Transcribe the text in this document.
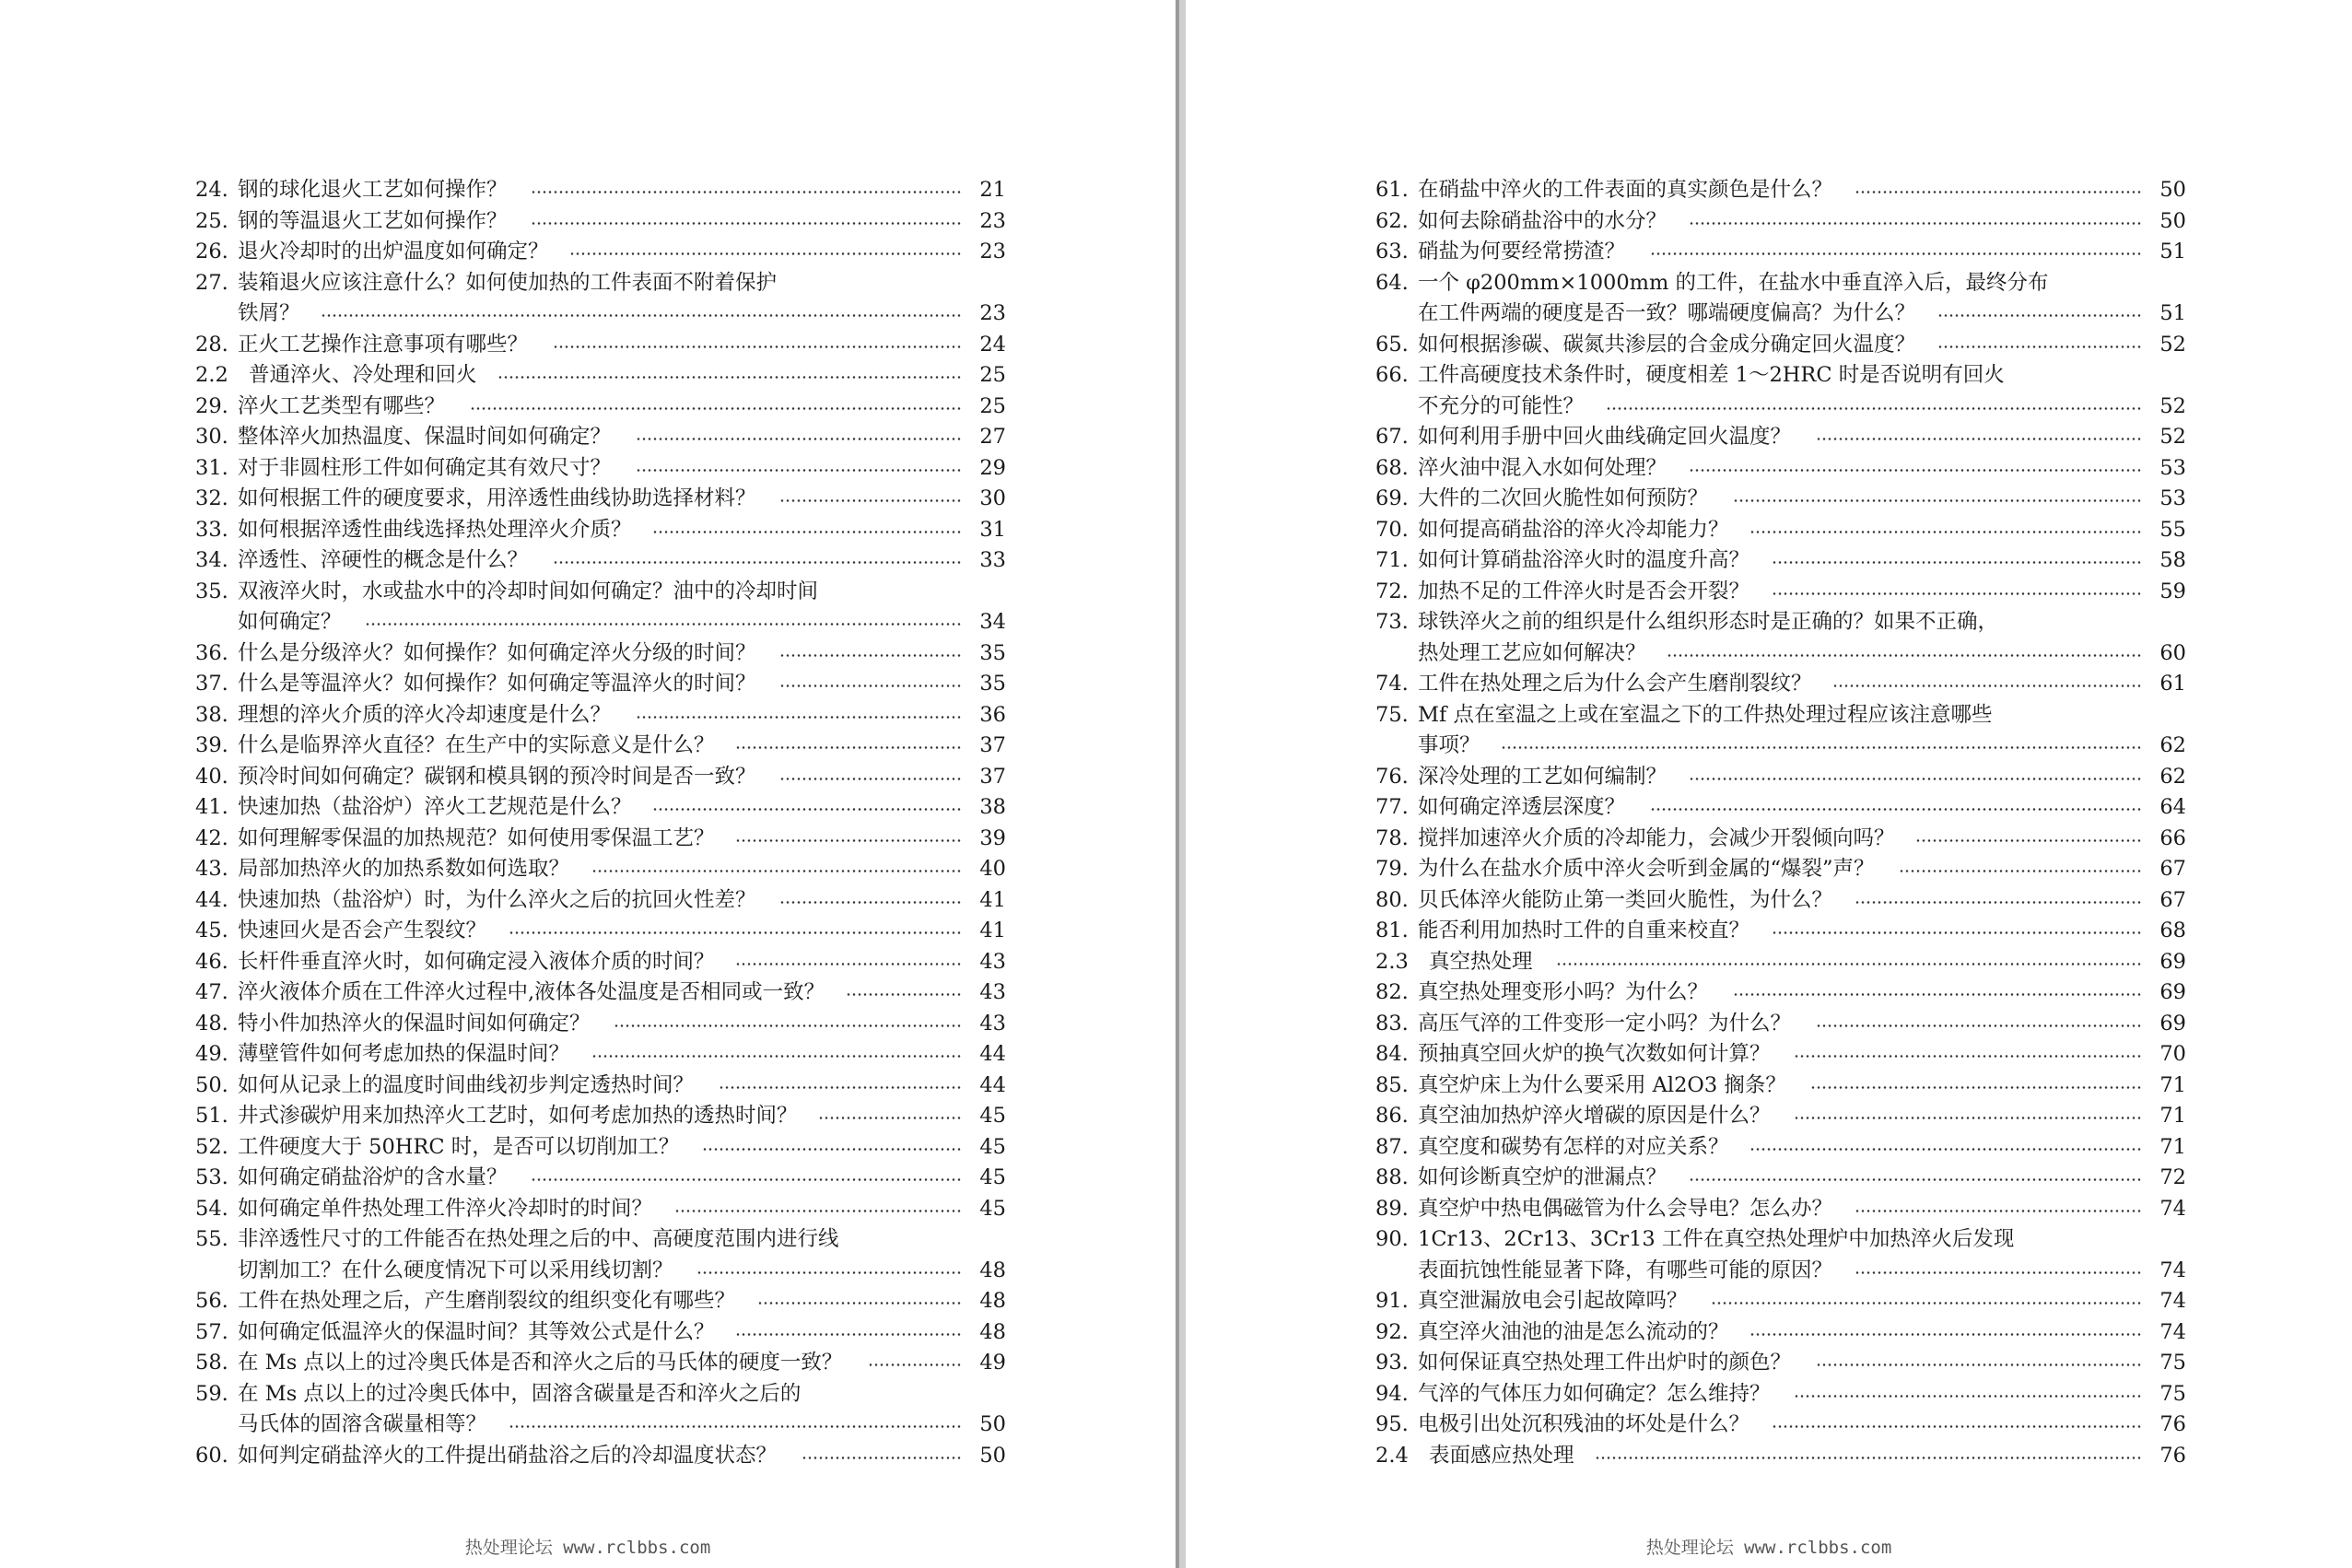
24. 钢的球化退火工艺如何操作？	21
25. 钢的等温退火工艺如何操作？	23
26. 退火冷却时的出炉温度如何确定？	23
27. 装箱退火应该注意什么？如何使加热的工件表面不附着保护
铁屑？	23
28. 正火工艺操作注意事项有哪些？	24
2.2 普通淬火、冷处理和回火	25
29. 淬火工艺类型有哪些？	25
30. 整体淬火加热温度、保温时间如何确定？	27
31. 对于非圆柱形工件如何确定其有效尺寸？	29
32. 如何根据工件的硬度要求，用淬透性曲线协助选择材料？	30
33. 如何根据淬透性曲线选择热处理淬火介质？	31
34. 淬透性、淬硬性的概念是什么？	33
35. 双液淬火时，水或盐水中的冷却时间如何确定？油中的冷却时间
如何确定？	34
36. 什么是分级淬火？如何操作？如何确定淬火分级的时间？	35
37. 什么是等温淬火？如何操作？如何确定等温淬火的时间？	35
38. 理想的淬火介质的淬火冷却速度是什么？	36
39. 什么是临界淬火直径？在生产中的实际意义是什么？	37
40. 预冷时间如何确定？碳钢和模具钢的预冷时间是否一致？	37
41. 快速加热（盐浴炉）淬火工艺规范是什么？	38
42. 如何理解零保温的加热规范？如何使用零保温工艺？	39
43. 局部加热淬火的加热系数如何选取？	40
44. 快速加热（盐浴炉）时，为什么淬火之后的抗回火性差？	41
45. 快速回火是否会产生裂纹？	41
46. 长杆件垂直淬火时，如何确定浸入液体介质的时间？	43
47. 淬火液体介质在工件淬火过程中,液体各处温度是否相同或一致？	43
48. 特小件加热淬火的保温时间如何确定？	43
49. 薄壁管件如何考虑加热的保温时间？	44
50. 如何从记录上的温度时间曲线初步判定透热时间？	44
51. 井式渗碳炉用来加热淬火工艺时，如何考虑加热的透热时间？	45
52. 工件硬度大于 50HRC 时，是否可以切削加工？	45
53. 如何确定硝盐浴炉的含水量？	45
54. 如何确定单件热处理工件淬火冷却时的时间？	45
55. 非淬透性尺寸的工件能否在热处理之后的中、高硬度范围内进行线
切割加工？在什么硬度情况下可以采用线切割？	48
56. 工件在热处理之后，产生磨削裂纹的组织变化有哪些？	48
57. 如何确定低温淬火的保温时间？其等效公式是什么？	48
58. 在 Ms 点以上的过冷奥氏体是否和淬火之后的马氏体的硬度一致？	49
59. 在 Ms 点以上的过冷奥氏体中，固溶含碳量是否和淬火之后的
马氏体的固溶含碳量相等？	50
60. 如何判定硝盐淬火的工件提出硝盐浴之后的冷却温度状态？	50
热处理论坛 www.rclbbs.com
61. 在硝盐中淬火的工件表面的真实颜色是什么？	50
62. 如何去除硝盐浴中的水分？	50
63. 硝盐为何要经常捞渣？	51
64. 一个 φ200mm×1000mm 的工件，在盐水中垂直淬入后，最终分布
在工件两端的硬度是否一致？哪端硬度偏高？为什么？	51
65. 如何根据渗碳、碳氮共渗层的合金成分确定回火温度？	52
66. 工件高硬度技术条件时，硬度相差 1～2HRC 时是否说明有回火
不充分的可能性？	52
67. 如何利用手册中回火曲线确定回火温度？	52
68. 淬火油中混入水如何处理？	53
69. 大件的二次回火脆性如何预防？	53
70. 如何提高硝盐浴的淬火冷却能力？	55
71. 如何计算硝盐浴淬火时的温度升高？	58
72. 加热不足的工件淬火时是否会开裂？	59
73. 球铁淬火之前的组织是什么组织形态时是正确的？如果不正确，
热处理工艺应如何解决？	60
74. 工件在热处理之后为什么会产生磨削裂纹？	61
75. Mf 点在室温之上或在室温之下的工件热处理过程应该注意哪些
事项？	62
76. 深冷处理的工艺如何编制？	62
77. 如何确定淬透层深度？	64
78. 搅拌加速淬火介质的冷却能力，会减少开裂倾向吗？	66
79. 为什么在盐水介质中淬火会听到金属的“爆裂”声？	67
80. 贝氏体淬火能防止第一类回火脆性，为什么？	67
81. 能否利用加热时工件的自重来校直？	68
2.3 真空热处理	69
82. 真空热处理变形小吗？为什么？	69
83. 高压气淬的工件变形一定小吗？为什么？	69
84. 预抽真空回火炉的换气次数如何计算？	70
85. 真空炉床上为什么要采用 Al2O3 搁条？	71
86. 真空油加热炉淬火增碳的原因是什么？	71
87. 真空度和碳势有怎样的对应关系？	71
88. 如何诊断真空炉的泄漏点？	72
89. 真空炉中热电偶磁管为什么会导电？怎么办？	74
90. 1Cr13、2Cr13、3Cr13 工件在真空热处理炉中加热淬火后发现
表面抗蚀性能显著下降，有哪些可能的原因？	74
91. 真空泄漏放电会引起故障吗？	74
92. 真空淬火油池的油是怎么流动的？	74
93. 如何保证真空热处理工件出炉时的颜色？	75
94. 气淬的气体压力如何确定？怎么维持？	75
95. 电极引出处沉积残油的坏处是什么？	76
2.4 表面感应热处理	76
热处理论坛 www.rclbbs.com
